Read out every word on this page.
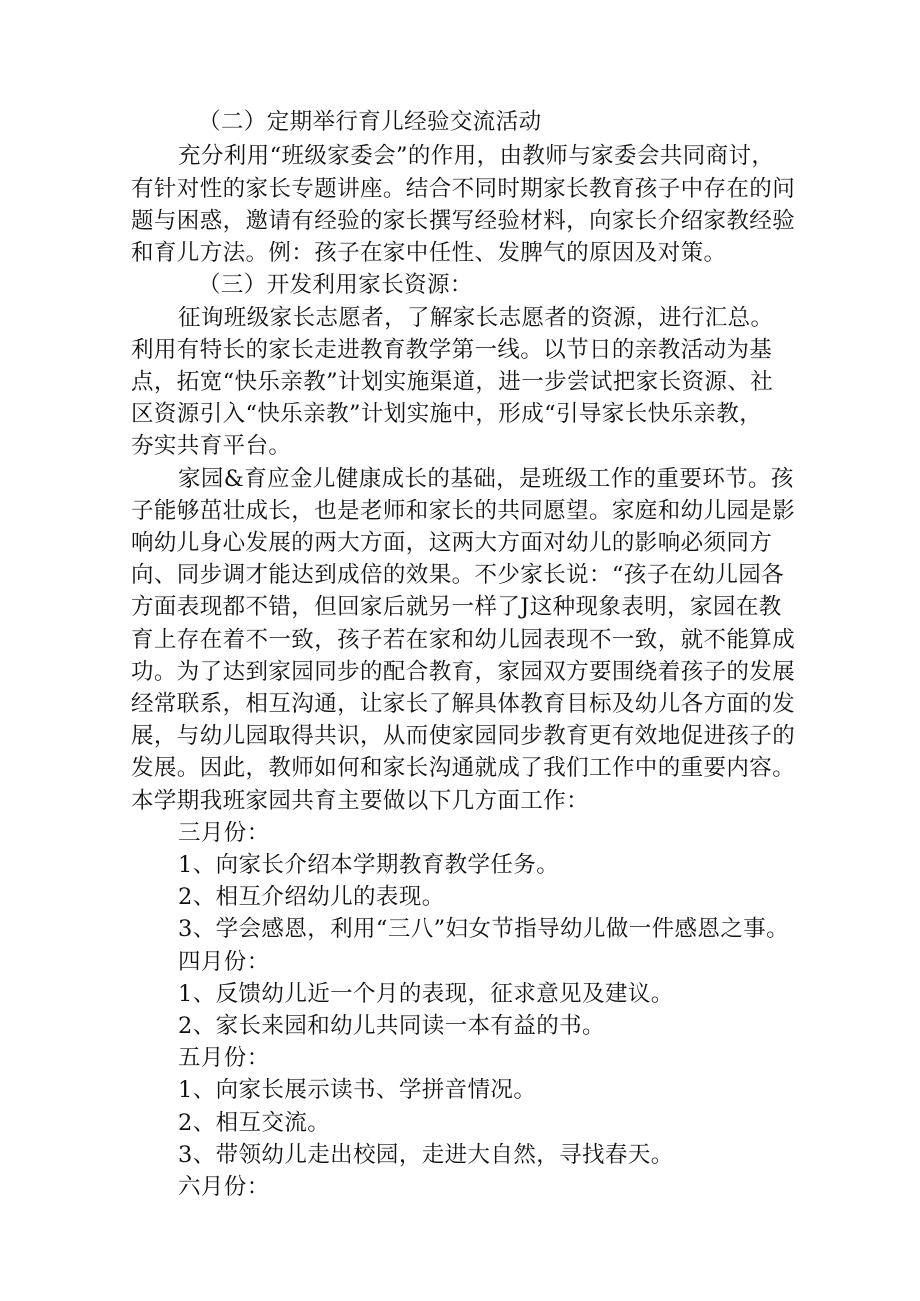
（二）定期举行育儿经验交流活动
充分利用“班级家委会”的作用，由教师与家委会共同商讨，
有针对性的家长专题讲座。结合不同时期家长教育孩子中存在的问
题与困惑，邀请有经验的家长撰写经验材料，向家长介绍家教经验
和育儿方法。例：孩子在家中任性、发脾气的原因及对策。
（三）开发利用家长资源：
征询班级家长志愿者，了解家长志愿者的资源，进行汇总。
利用有特长的家长走进教育教学第一线。以节日的亲教活动为基
点，拓宽“快乐亲教”计划实施渠道，进一步尝试把家长资源、社
区资源引入“快乐亲教”计划实施中，形成“引导家长快乐亲教，
夯实共育平台。
家园&育应金儿健康成长的基础，是班级工作的重要环节。孩
子能够茁壮成长，也是老师和家长的共同愿望。家庭和幼儿园是影
响幼儿身心发展的两大方面，这两大方面对幼儿的影响必须同方
向、同步调才能达到成倍的效果。不少家长说：“孩子在幼儿园各
方面表现都不错，但回家后就另一样了J这种现象表明，家园在教
育上存在着不一致，孩子若在家和幼儿园表现不一致，就不能算成
功。为了达到家园同步的配合教育，家园双方要围绕着孩子的发展
经常联系，相互沟通，让家长了解具体教育目标及幼儿各方面的发
展，与幼儿园取得共识，从而使家园同步教育更有效地促进孩子的
发展。因此，教师如何和家长沟通就成了我们工作中的重要内容。
本学期我班家园共育主要做以下几方面工作：
三月份：
1、向家长介绍本学期教育教学任务。
2、相互介绍幼儿的表现。
3、学会感恩，利用“三八”妇女节指导幼儿做一件感恩之事。
四月份：
1、反馈幼儿近一个月的表现，征求意见及建议。
2、家长来园和幼儿共同读一本有益的书。
五月份：
1、向家长展示读书、学拼音情况。
2、相互交流。
3、带领幼儿走出校园，走进大自然，寻找春天。
六月份：
